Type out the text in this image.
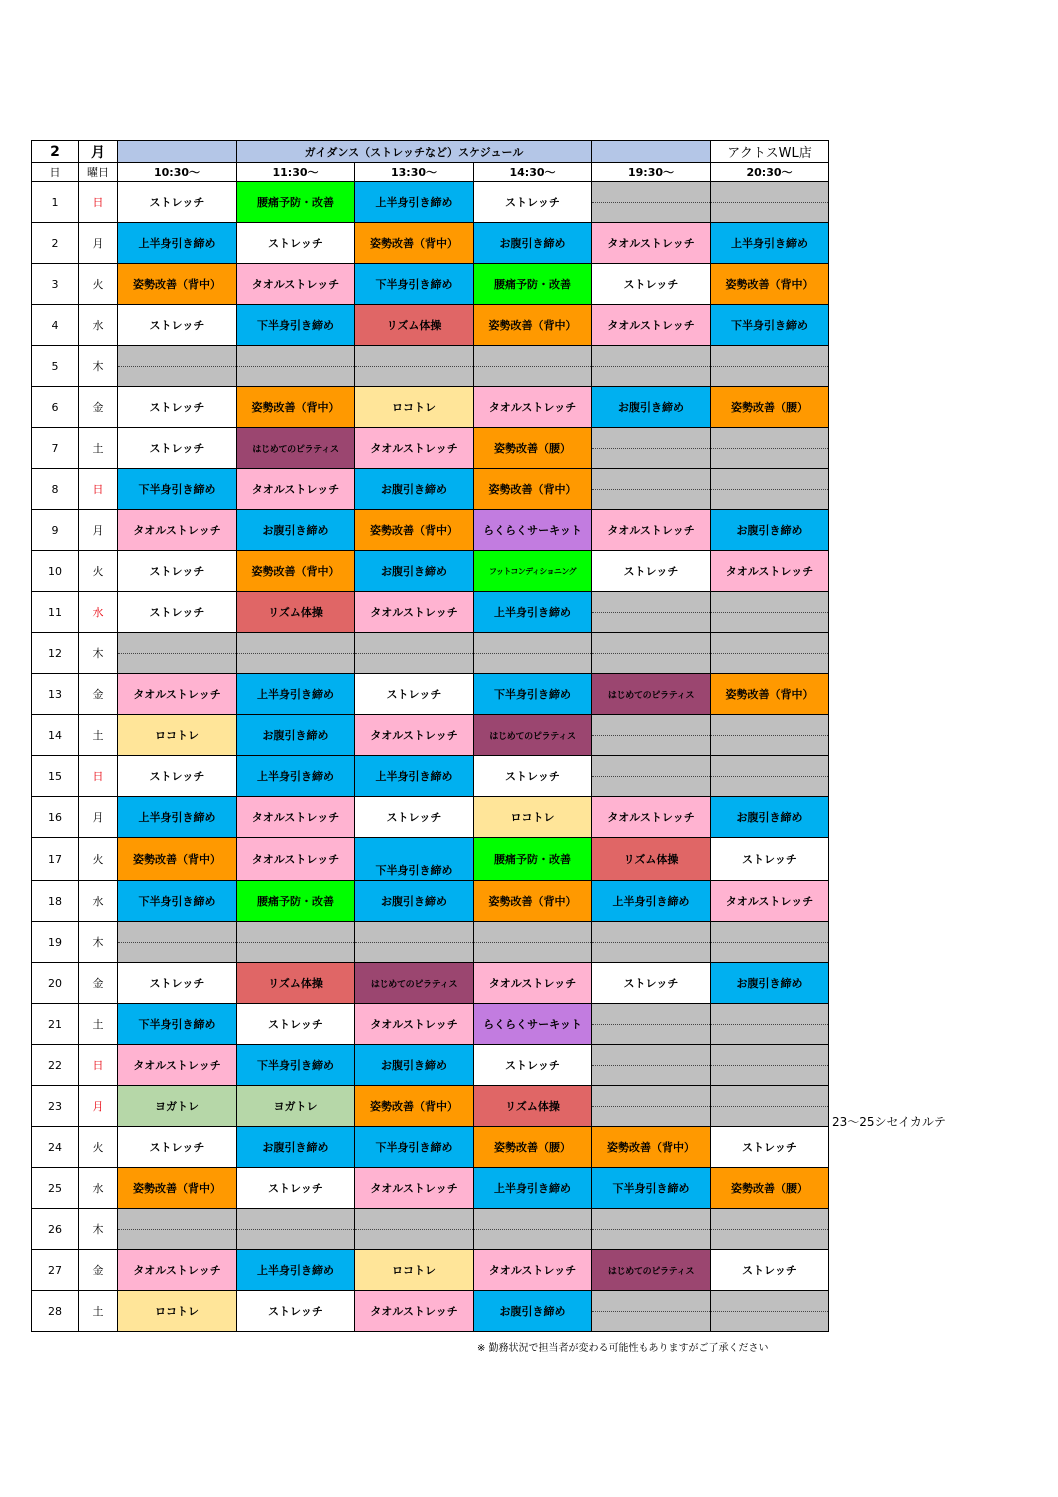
2	月		ガイダンス（ストレッチなど）スケジュール				アクトスWL店
日	曜日	10:30～	11:30～	13:30～	14:30～	19:30～	20:30～
1	日	ストレッチ	腰痛予防・改善	上半身引き締め	ストレッチ	

2	月	上半身引き締め	ストレッチ	姿勢改善（背中）	お腹引き締め	タオルストレッチ	上半身引き締め
3	火	姿勢改善（背中）	タオルストレッチ	下半身引き締め	腰痛予防・改善	ストレッチ	姿勢改善（背中）
4	水	ストレッチ	下半身引き締め	リズム体操	姿勢改善（背中）	タオルストレッチ	下半身引き締め
5	木	

6	金	ストレッチ	姿勢改善（背中）	ロコトレ	タオルストレッチ	お腹引き締め	姿勢改善（腰）
7	土	ストレッチ	はじめてのピラティス	タオルストレッチ	姿勢改善（腰）	

8	日	下半身引き締め	タオルストレッチ	お腹引き締め	姿勢改善（背中）	

9	月	タオルストレッチ	お腹引き締め	姿勢改善（背中）	らくらくサーキット	タオルストレッチ	お腹引き締め
10	火	ストレッチ	姿勢改善（背中）	お腹引き締め	フットコンディショニング	ストレッチ	タオルストレッチ
11	水	ストレッチ	リズム体操	タオルストレッチ	上半身引き締め	

12	木	

13	金	タオルストレッチ	上半身引き締め	ストレッチ	下半身引き締め	はじめてのピラティス	姿勢改善（背中）
14	土	ロコトレ	お腹引き締め	タオルストレッチ	はじめてのピラティス	

15	日	ストレッチ	上半身引き締め	上半身引き締め	ストレッチ	

16	月	上半身引き締め	タオルストレッチ	ストレッチ	ロコトレ	タオルストレッチ	お腹引き締め
17	火	姿勢改善（背中）	タオルストレッチ	下半身引き締め	腰痛予防・改善	リズム体操	ストレッチ
18	水	下半身引き締め	腰痛予防・改善	お腹引き締め	姿勢改善（背中）	上半身引き締め	タオルストレッチ
19	木	

20	金	ストレッチ	リズム体操	はじめてのピラティス	タオルストレッチ	ストレッチ	お腹引き締め
21	土	下半身引き締め	ストレッチ	タオルストレッチ	らくらくサーキット	

22	日	タオルストレッチ	下半身引き締め	お腹引き締め	ストレッチ	

23	月	ヨガトレ	ヨガトレ	姿勢改善（背中）	リズム体操	

24	火	ストレッチ	お腹引き締め	下半身引き締め	姿勢改善（腰）	姿勢改善（背中）	ストレッチ
25	水	姿勢改善（背中）	ストレッチ	タオルストレッチ	上半身引き締め	下半身引き締め	姿勢改善（腰）
26	木	

27	金	タオルストレッチ	上半身引き締め	ロコトレ	タオルストレッチ	はじめてのピラティス	ストレッチ
28	土	ロコトレ	ストレッチ	タオルストレッチ	お腹引き締め	

23～25シセイカルテ
※ 勤務状況で担当者が変わる可能性もありますがご了承ください
